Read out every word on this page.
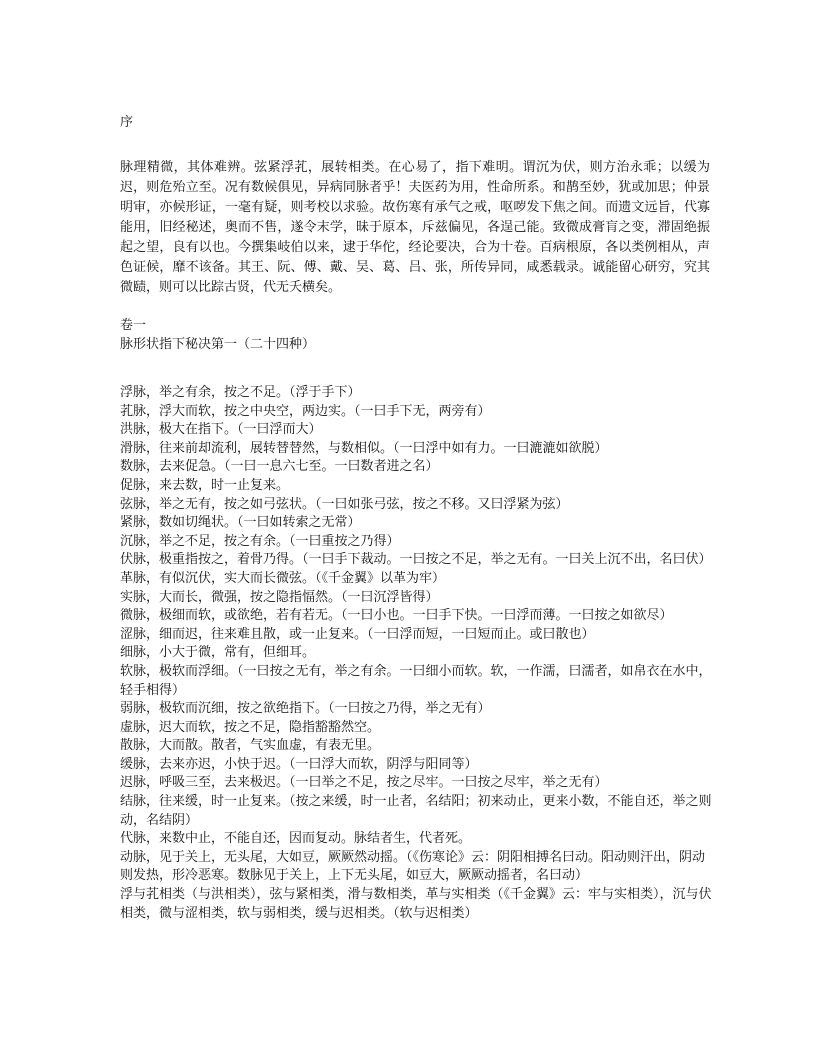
序

脉理精微，其体难辨。弦紧浮芤，展转相类。在心易了，指下难明。谓沉为伏，则方治永乖；以缓为迟，则危殆立至。况有数候俱见，异病同脉者乎！夫医药为用，性命所系。和鹊至妙，犹或加思；仲景明审，亦候形证，一毫有疑，则考校以求验。故伤寒有承气之戒，呕哕发下焦之间。而遗文远旨，代寡能用，旧经秘述，奥而不售，遂令末学，昧于原本，斥兹偏见，各逞己能。致微成膏肓之变，滞固绝振起之望，良有以也。今撰集岐伯以来，逮于华佗，经论要决，合为十卷。百病根原，各以类例相从，声色证候，靡不该备。其王、阮、傅、戴、吴、葛、吕、张，所传异同，咸悉载录。诚能留心研穷，究其微赜，则可以比踪古贤，代无夭横矣。

卷一
脉形状指下秘决第一（二十四种）
浮脉，举之有余，按之不足。（浮于手下）
芤脉，浮大而软，按之中央空，两边实。（一曰手下无，两旁有）
洪脉，极大在指下。（一曰浮而大）
滑脉，往来前却流利，展转替替然，与数相似。（一曰浮中如有力。一曰漉漉如欲脱）
数脉，去来促急。（一曰一息六七至。一曰数者进之名）
促脉，来去数，时一止复来。
弦脉，举之无有，按之如弓弦状。（一曰如张弓弦，按之不移。又曰浮紧为弦）
紧脉，数如切绳状。（一曰如转索之无常）
沉脉，举之不足，按之有余。（一曰重按之乃得）
伏脉，极重指按之，着骨乃得。（一曰手下裁动。一曰按之不足，举之无有。一曰关上沉不出，名曰伏）
革脉，有似沉伏，实大而长微弦。（《千金翼》以革为牢）
实脉，大而长，微强，按之隐指愊然。（一曰沉浮皆得）
微脉，极细而软，或欲绝，若有若无。（一曰小也。一曰手下快。一曰浮而薄。一曰按之如欲尽）
涩脉，细而迟，往来难且散，或一止复来。（一曰浮而短，一曰短而止。或曰散也）
细脉，小大于微，常有，但细耳。
软脉，极软而浮细。（一曰按之无有，举之有余。一曰细小而软。软，一作濡，曰濡者，如帛衣在水中，轻手相得）
弱脉，极软而沉细，按之欲绝指下。（一曰按之乃得，举之无有）
虚脉，迟大而软，按之不足，隐指豁豁然空。
散脉，大而散。散者，气实血虚，有表无里。
缓脉，去来亦迟，小快于迟。（一曰浮大而软，阴浮与阳同等）
迟脉，呼吸三至，去来极迟。（一曰举之不足，按之尽牢。一曰按之尽牢，举之无有）
结脉，往来缓，时一止复来。（按之来缓，时一止者，名结阳；初来动止，更来小数，不能自还，举之则动，名结阴）
代脉，来数中止，不能自还，因而复动。脉结者生，代者死。
动脉，见于关上，无头尾，大如豆，厥厥然动摇。（《伤寒论》云：阴阳相搏名曰动。阳动则汗出，阴动则发热，形冷恶寒。数脉见于关上，上下无头尾，如豆大，厥厥动摇者，名曰动）
浮与芤相类（与洪相类），弦与紧相类，滑与数相类，革与实相类（《千金翼》云：牢与实相类），沉与伏相类，微与涩相类，软与弱相类，缓与迟相类。（软与迟相类）
